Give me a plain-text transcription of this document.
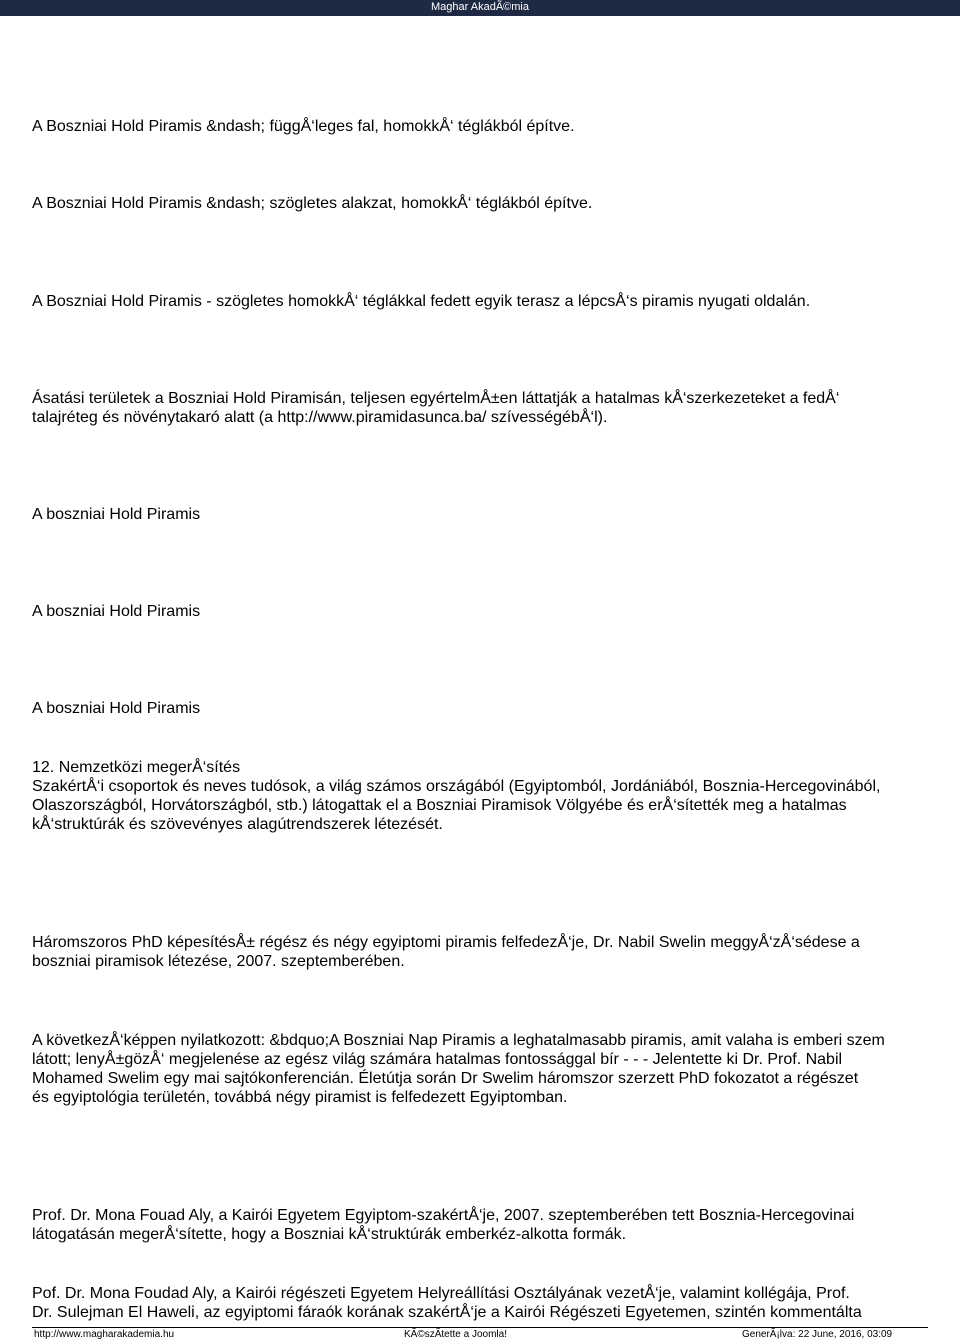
Maghar AkadÃ©mia

A Boszniai Hold Piramis &ndash; függÅ‘leges fal, homokkÅ‘ téglákból építve.

A Boszniai Hold Piramis &ndash; szögletes alakzat, homokkÅ‘ téglákból építve.

A Boszniai Hold Piramis - szögletes homokkÅ‘ téglákkal fedett egyik terasz a lépcsÅ‘s piramis nyugati oldalán.

Ásatási területek a Boszniai Hold Piramisán, teljesen egyértelmÅ±en láttatják a hatalmas kÅ‘szerkezeteket a fedÅ‘
talajréteg és növénytakaró alatt (a http://www.piramidasunca.ba/ szívességébÅ‘l).

A boszniai Hold Piramis

A boszniai Hold Piramis

A boszniai Hold Piramis

12. Nemzetközi megerÅ‘sítés
SzakértÅ‘i csoportok és neves tudósok, a világ számos országából (Egyiptomból, Jordániából, Bosznia-Hercegovinából,
Olaszországból, Horvátországból, stb.) látogattak el a Boszniai Piramisok Völgyébe és erÅ‘sítették meg a hatalmas
kÅ‘struktúrák és szövevényes alagútrendszerek létezését.

Háromszoros PhD képesítésÅ± régész és négy egyiptomi piramis felfedezÅ‘je, Dr. Nabil Swelin meggyÅ‘zÅ‘sédese a
boszniai piramisok létezése, 2007. szeptemberében.

A következÅ‘képpen nyilatkozott: &bdquo;A Boszniai Nap Piramis a leghatalmasabb piramis, amit valaha is emberi szem
látott; lenyÅ±gözÅ‘ megjelenése az egész világ számára hatalmas fontossággal bír - - - Jelentette ki Dr. Prof. Nabil
Mohamed Swelim egy mai sajtókonferencián. Életútja során Dr Swelim háromszor szerzett PhD fokozatot a régészet
és egyiptológia területén, továbbá négy piramist is felfedezett Egyiptomban.

Prof. Dr. Mona Fouad Aly, a Kairói Egyetem Egyiptom-szakértÅ‘je, 2007. szeptemberében tett Bosznia-Hercegovinai
látogatásán megerÅ‘sítette, hogy a Boszniai kÅ‘struktúrák emberkéz-alkotta formák.

Pof. Dr. Mona Foudad Aly, a Kairói régészeti Egyetem Helyreállítási Osztályának vezetÅ‘je, valamint kollégája, Prof.
Dr. Sulejman El Haweli, az egyiptomi fáraók korának szakértÅ‘je a Kairói Régészeti Egyetemen, szintén kommentálta

http://www.magharakademia.hu	KÃ©szÃtette a Joomla!	GenerÃ¡lva: 22 June, 2016, 03:09
